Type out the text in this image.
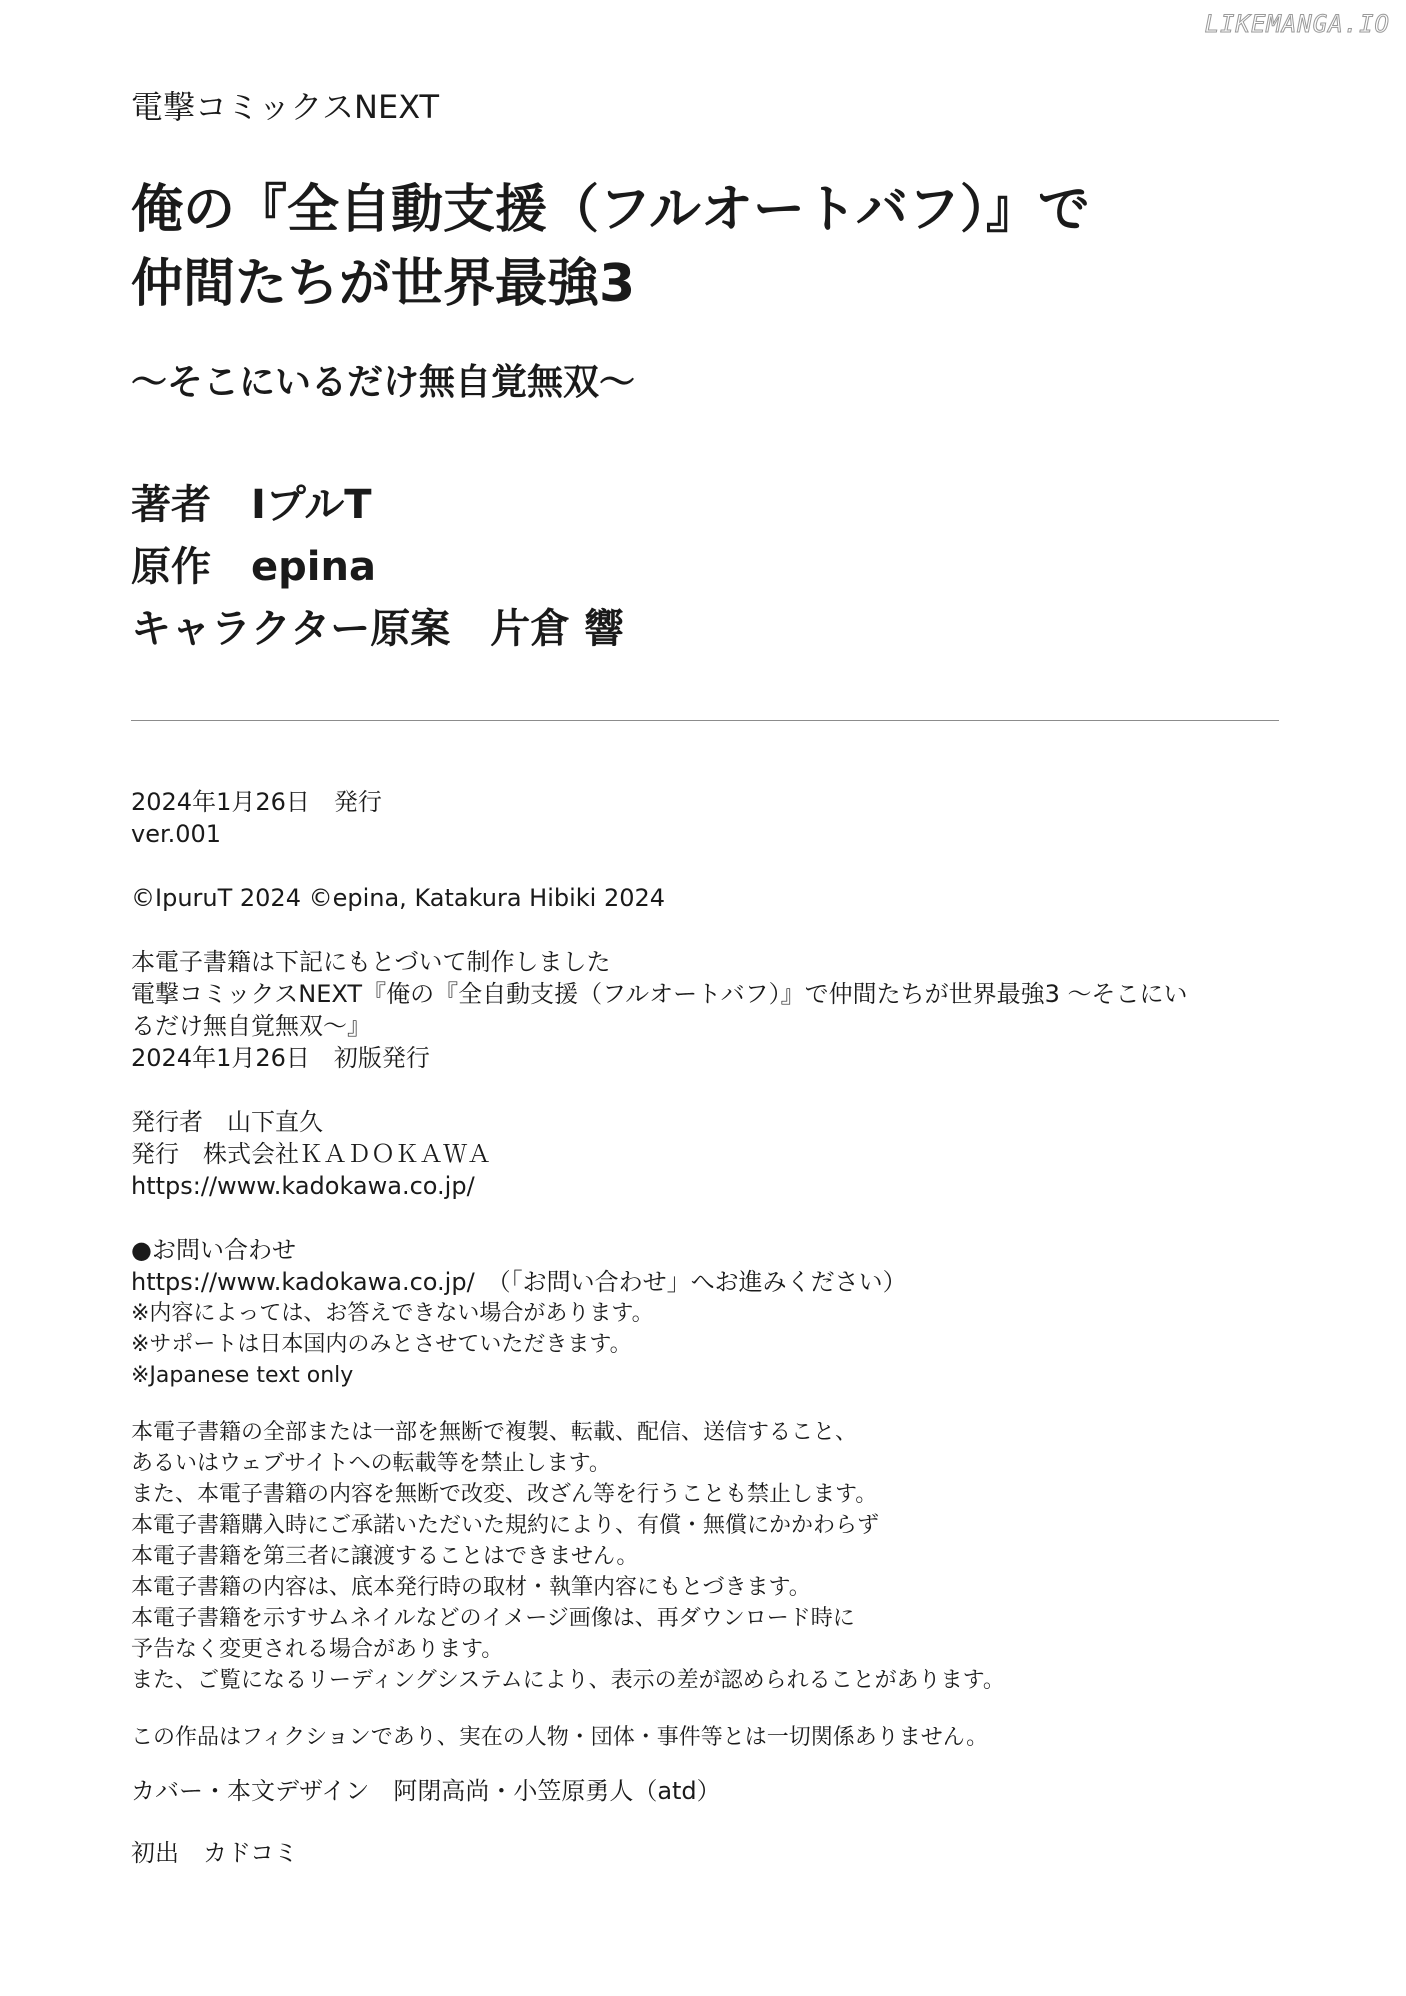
LIKEMANGA.IO
電撃コミックスNEXT
俺の『全自動支援（フルオートバフ）』で
仲間たちが世界最強3
〜そこにいるだけ無自覚無双〜
著者 IプルT
原作 epina
キャラクター原案 片倉 響
2024年1月26日　発行
ver.001
©IpuruT 2024 ©epina, Katakura Hibiki 2024
本電子書籍は下記にもとづいて制作しました
電撃コミックスNEXT『俺の『全自動支援（フルオートバフ）』で仲間たちが世界最強3 〜そこにい
るだけ無自覚無双〜』
2024年1月26日　初版発行
発行者　山下直久
発行　株式会社ＫＡＤＯＫＡＷＡ
https://www.kadokawa.co.jp/
●お問い合わせ
https://www.kadokawa.co.jp/　（「お問い合わせ」へお進みください）
※内容によっては、お答えできない場合があります。
※サポートは日本国内のみとさせていただきます。
※Japanese text only
本電子書籍の全部または一部を無断で複製、転載、配信、送信すること、
あるいはウェブサイトへの転載等を禁止します。
また、本電子書籍の内容を無断で改変、改ざん等を行うことも禁止します。
本電子書籍購入時にご承諾いただいた規約により、有償・無償にかかわらず
本電子書籍を第三者に譲渡することはできません。
本電子書籍の内容は、底本発行時の取材・執筆内容にもとづきます。
本電子書籍を示すサムネイルなどのイメージ画像は、再ダウンロード時に
予告なく変更される場合があります。
また、ご覧になるリーディングシステムにより、表示の差が認められることがあります。
この作品はフィクションであり、実在の人物・団体・事件等とは一切関係ありません。
カバー・本文デザイン　阿閉高尚・小笠原勇人（atd）
初出　カドコミ
